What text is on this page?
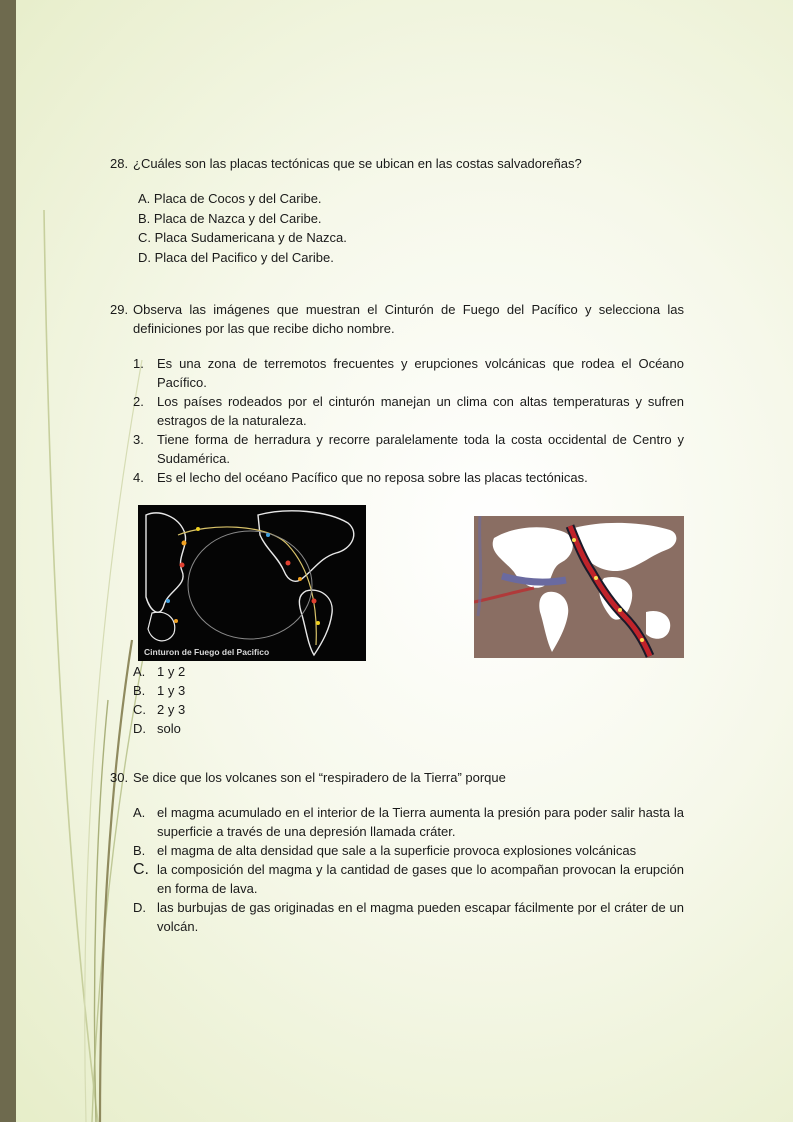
28. ¿Cuáles son las placas tectónicas que se ubican en las costas salvadoreñas?
A. Placa de Cocos y del Caribe.
B. Placa de Nazca y del Caribe.
C. Placa Sudamericana y de Nazca.
D. Placa del Pacifico y del Caribe.
29. Observa las imágenes que muestran el Cinturón de Fuego del Pacífico y selecciona las definiciones por las que recibe dicho nombre.
1.	Es una zona de terremotos frecuentes y erupciones volcánicas que rodea el Océano Pacífico.
2.	Los países rodeados por el cinturón manejan un clima con altas temperaturas y sufren estragos de la naturaleza.
3.	Tiene forma de herradura y recorre paralelamente toda la costa occidental de Centro y Sudamérica.
4.	Es el lecho del océano Pacífico que no reposa sobre las placas tectónicas.
Cinturon de Fuego del Pacifico
A. 1 y 2
B. 1 y 3
C. 2 y 3
D. solo
30. Se dice que los volcanes son el “respiradero de la Tierra” porque
A. el magma acumulado en el interior de la Tierra aumenta la presión para poder salir hasta la superficie a través de una depresión llamada cráter.
B. el magma de alta densidad que sale a la superficie provoca explosiones volcánicas
C. la composición del magma y la cantidad de gases que lo acompañan provocan la erupción en forma de lava.
D. las burbujas de gas originadas en el magma pueden escapar fácilmente por el cráter de un volcán.
